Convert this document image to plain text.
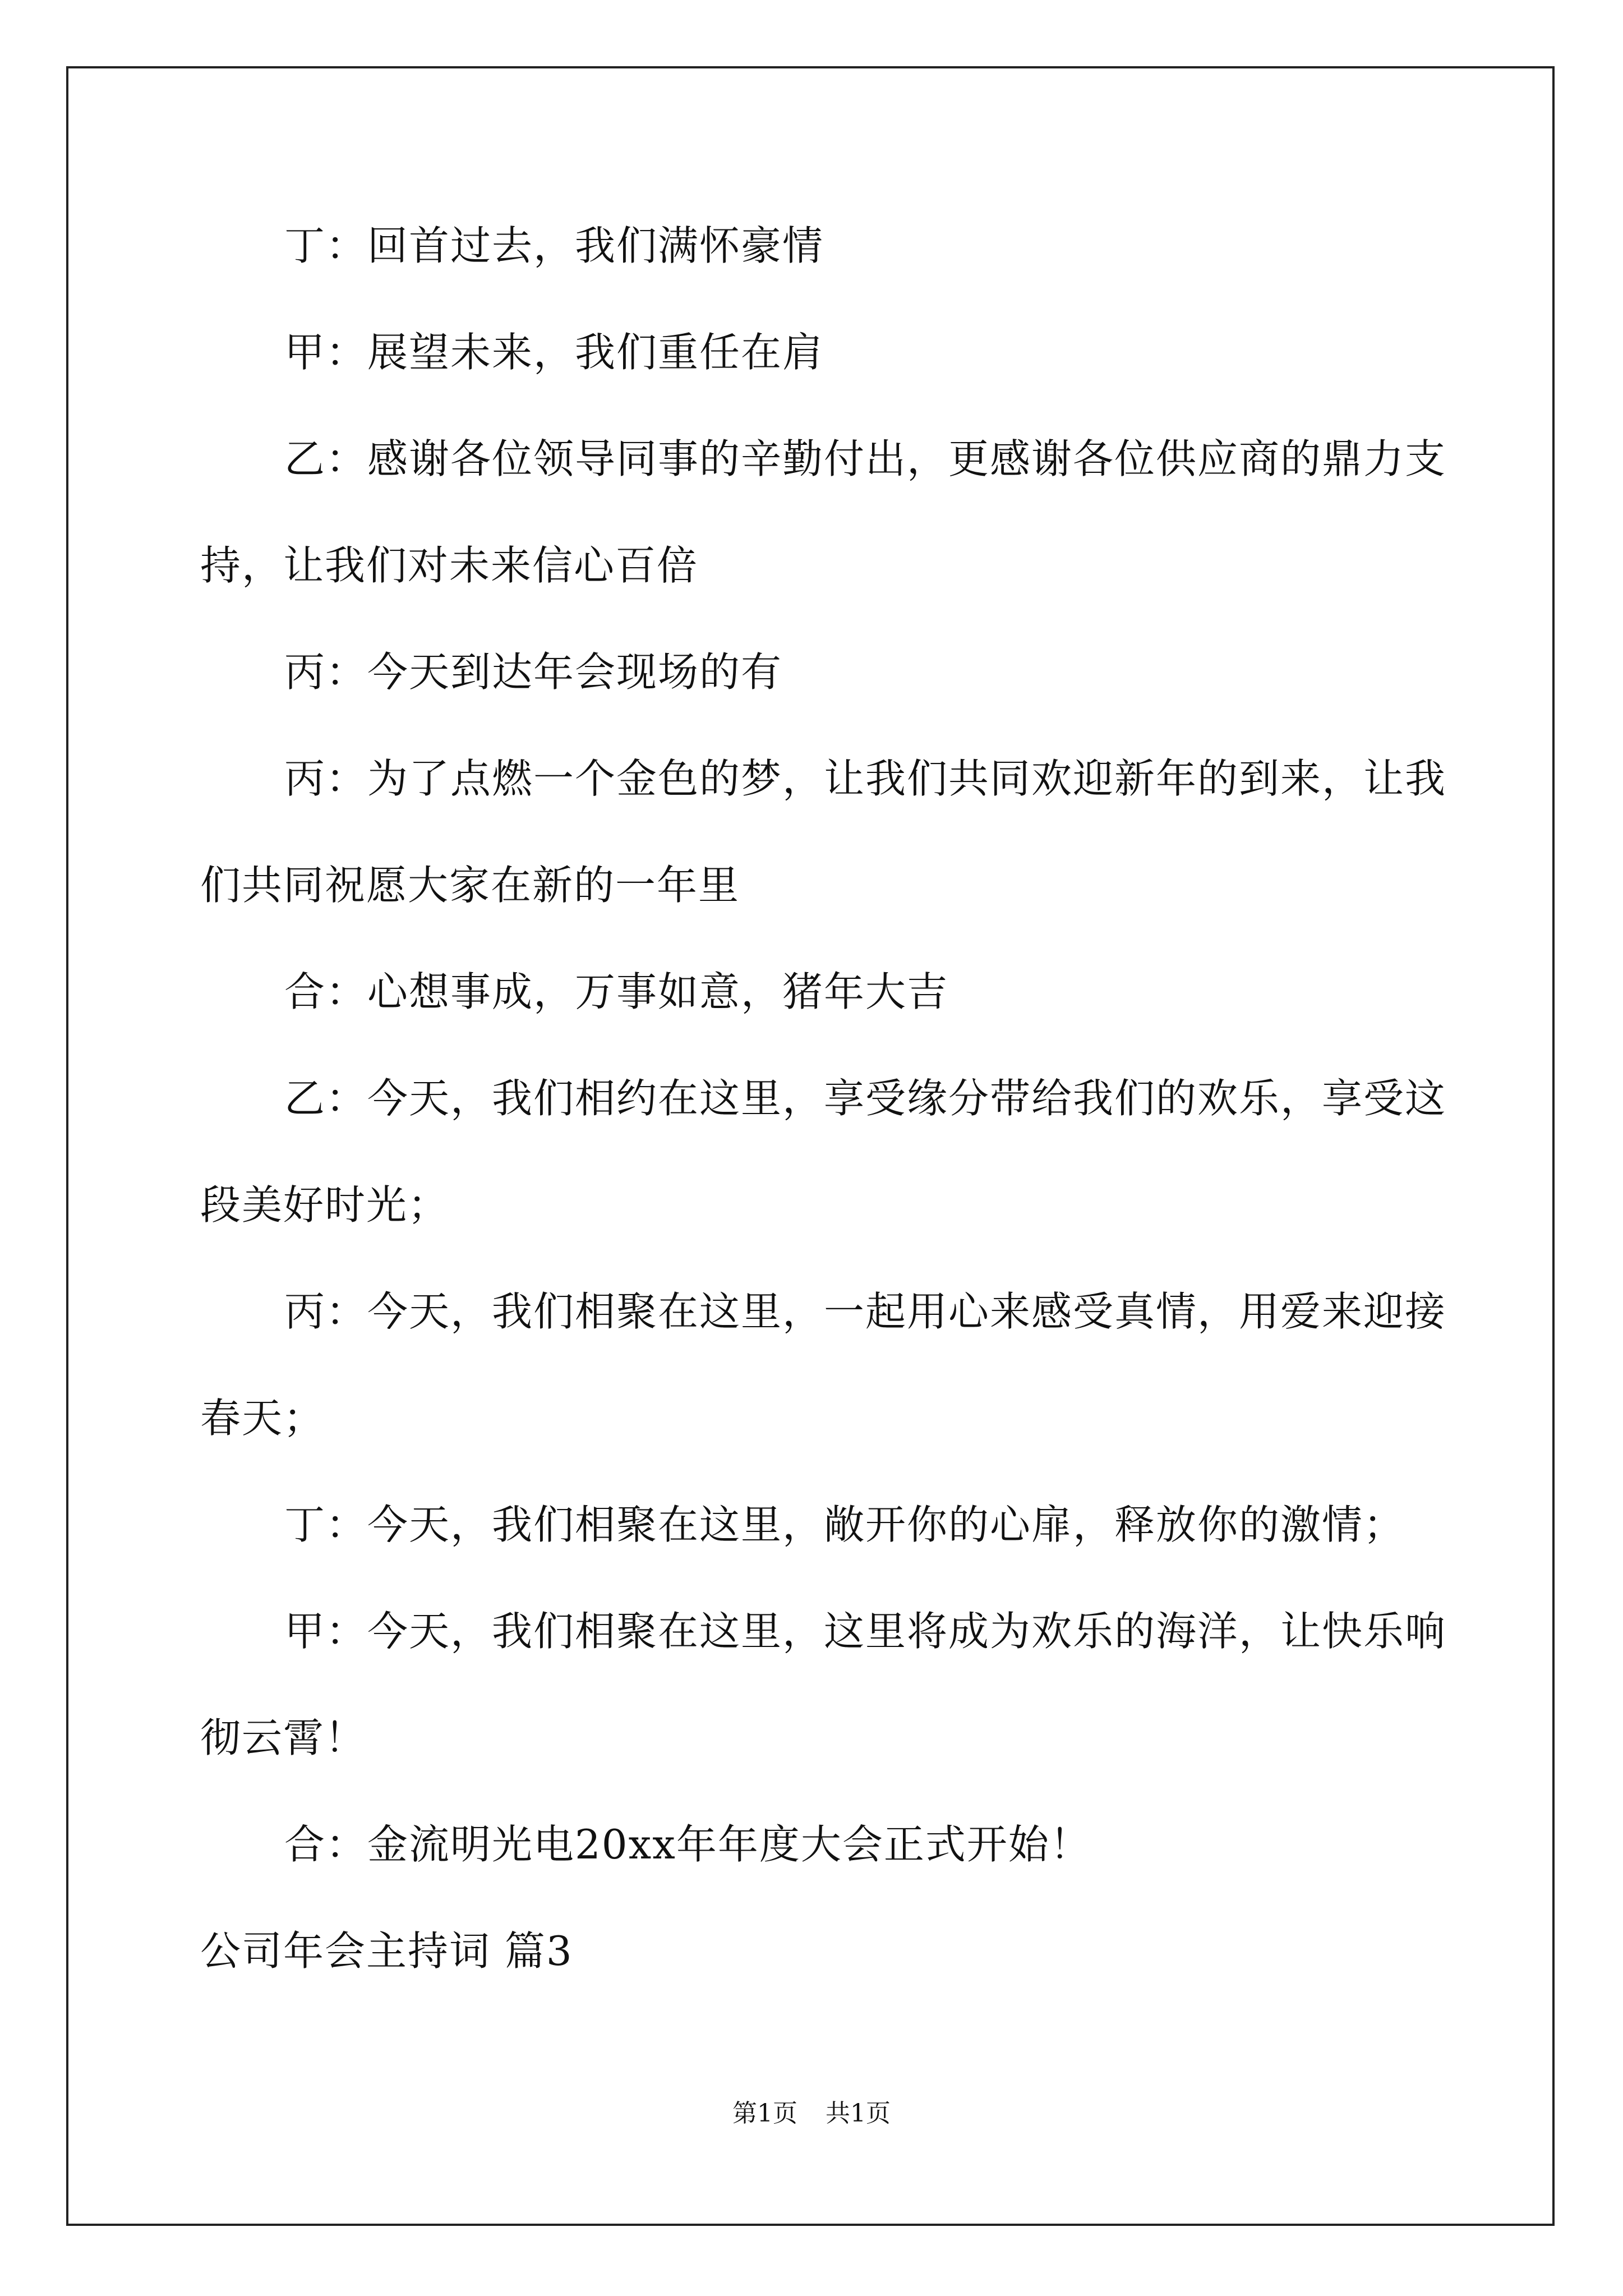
丁：回首过去，我们满怀豪情
甲：展望未来，我们重任在肩
乙：感谢各位领导同事的辛勤付出，更感谢各位供应商的鼎力支
持，让我们对未来信心百倍
丙：今天到达年会现场的有
丙：为了点燃一个金色的梦，让我们共同欢迎新年的到来，让我
们共同祝愿大家在新的一年里
合：心想事成，万事如意，猪年大吉
乙：今天，我们相约在这里，享受缘分带给我们的欢乐，享受这
段美好时光；
丙：今天，我们相聚在这里，一起用心来感受真情，用爱来迎接
春天；
丁：今天，我们相聚在这里，敞开你的心扉，释放你的激情；
甲：今天，我们相聚在这里，这里将成为欢乐的海洋，让快乐响
彻云霄！
合：金流明光电20xx年年度大会正式开始！
公司年会主持词 篇3
第1页 共1页
